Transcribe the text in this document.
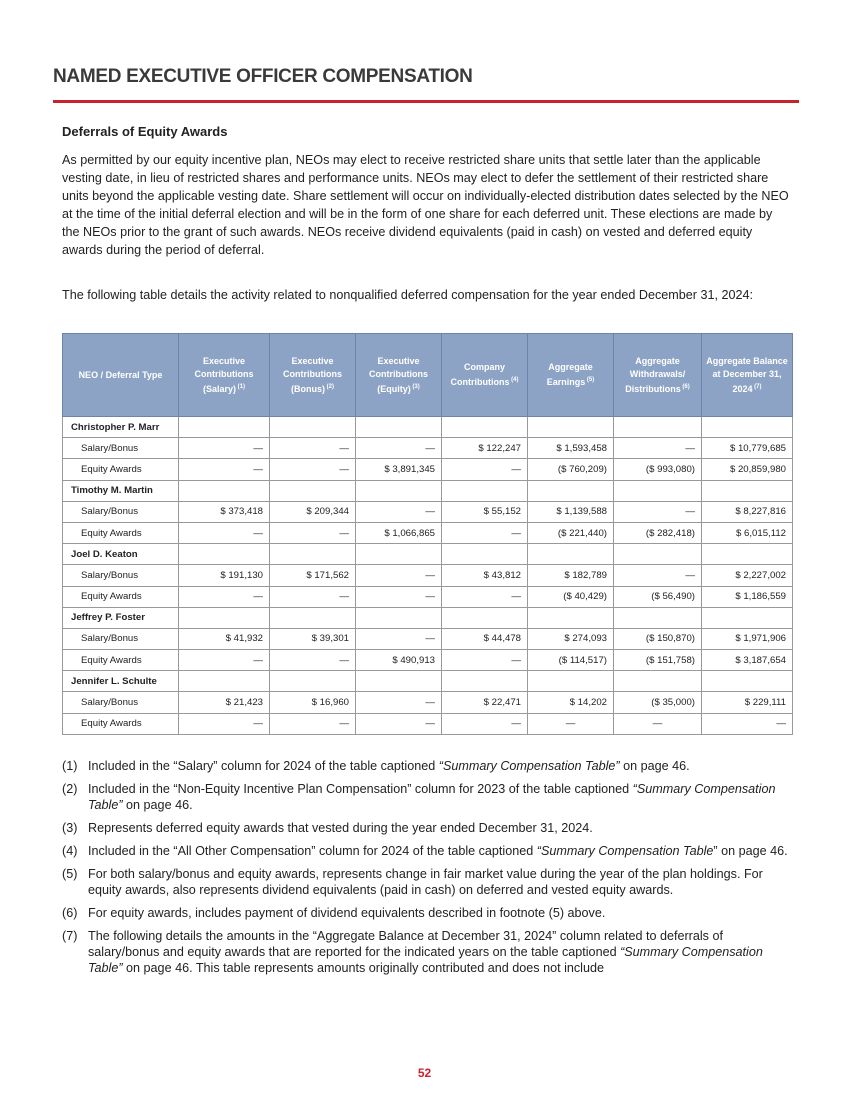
NAMED EXECUTIVE OFFICER COMPENSATION
Deferrals of Equity Awards

As permitted by our equity incentive plan, NEOs may elect to receive restricted share units that settle later than the applicable vesting date, in lieu of restricted shares and performance units. NEOs may elect to defer the settlement of their restricted share units beyond the applicable vesting date. Share settlement will occur on individually-elected distribution dates selected by the NEO at the time of the initial deferral election and will be in the form of one share for each deferred unit. These elections are made by the NEOs prior to the grant of such awards. NEOs receive dividend equivalents (paid in cash) on vested and deferred equity awards during the period of deferral.

The following table details the activity related to nonqualified deferred compensation for the year ended December 31, 2024:

NEO / Deferral Type	Executive Contributions (Salary) $^{(1)}$	Executive Contributions (Bonus) $^{(2)}$	Executive Contributions (Equity) $^{(3)}$	Company Contributions $^{(4)}$	Aggregate Earnings $^{(5)}$	Aggregate Withdrawals/ Distributions $^{(6)}$	Aggregate Balance at December 31, 2024 $^{(7)}$
Christopher P. Marr							
Salary/Bonus	—	—	—	$ 122,247	$ 1,593,458	—	$ 10,779,685
Equity Awards	—	—	$ 3,891,345	—	($ 760,209)	($ 993,080)	$ 20,859,980
Timothy M. Martin							
Salary/Bonus	$ 373,418	$ 209,344	—	$ 55,152	$ 1,139,588	—	$ 8,227,816
Equity Awards	—	—	$ 1,066,865	—	($ 221,440)	($ 282,418)	$ 6,015,112
Joel D. Keaton							
Salary/Bonus	$ 191,130	$ 171,562	—	$ 43,812	$ 182,789	—	$ 2,227,002
Equity Awards	—	—	—	—	($ 40,429)	($ 56,490)	$ 1,186,559
Jeffrey P. Foster							
Salary/Bonus	$ 41,932	$ 39,301	—	$ 44,478	$ 274,093	($ 150,870)	$ 1,971,906
Equity Awards	—	—	$ 490,913	—	($ 114,517)	($ 151,758)	$ 3,187,654
Jennifer L. Schulte							
Salary/Bonus	$ 21,423	$ 16,960	—	$ 22,471	$ 14,202	($ 35,000)	$ 229,111
Equity Awards	—	—	—	—	—	—	—
(1) Included in the “Salary” column for 2024 of the table captioned “Summary Compensation Table” on page 46.
(2) Included in the “Non-Equity Incentive Plan Compensation” column for 2023 of the table captioned “Summary Compensation Table” on page 46.
(3) Represents deferred equity awards that vested during the year ended December 31, 2024.
(4) Included in the “All Other Compensation” column for 2024 of the table captioned “Summary Compensation Table” on page 46.
(5) For both salary/bonus and equity awards, represents change in fair market value during the year of the plan holdings. For equity awards, also represents dividend equivalents (paid in cash) on deferred and vested equity awards.
(6) For equity awards, includes payment of dividend equivalents described in footnote (5) above.
(7) The following details the amounts in the “Aggregate Balance at December 31, 2024” column related to deferrals of salary/bonus and equity awards that are reported for the indicated years on the table captioned “Summary Compensation Table” on page 46. This table represents amounts originally contributed and does not include
52
